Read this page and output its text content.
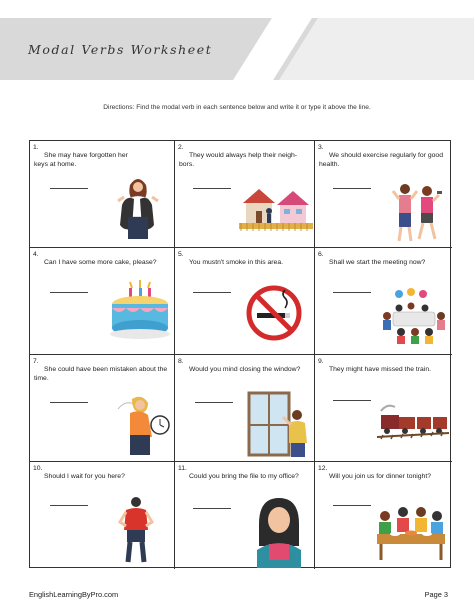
Modal Verbs Worksheet
Directions: Find the modal verb in each sentence below and write it or type it above the line.
1.
She may have forgotten her keys at home.
2.
They would always help their neigh-bors.
3.
We should exercise regularly for good health.
4.
Can I have some more cake, please?
5.
You mustn't smoke in this area.
6.
Shall we start the meeting now?
7.
She could have been mistaken about the time.
8.
Would you mind closing the window?
9.
They might have missed the train.
10.
Should I wait for you here?
11.
Could you bring the file to my office?
12.
Will you join us for dinner tonight?
EnglishLearningByPro.com	Page 3
